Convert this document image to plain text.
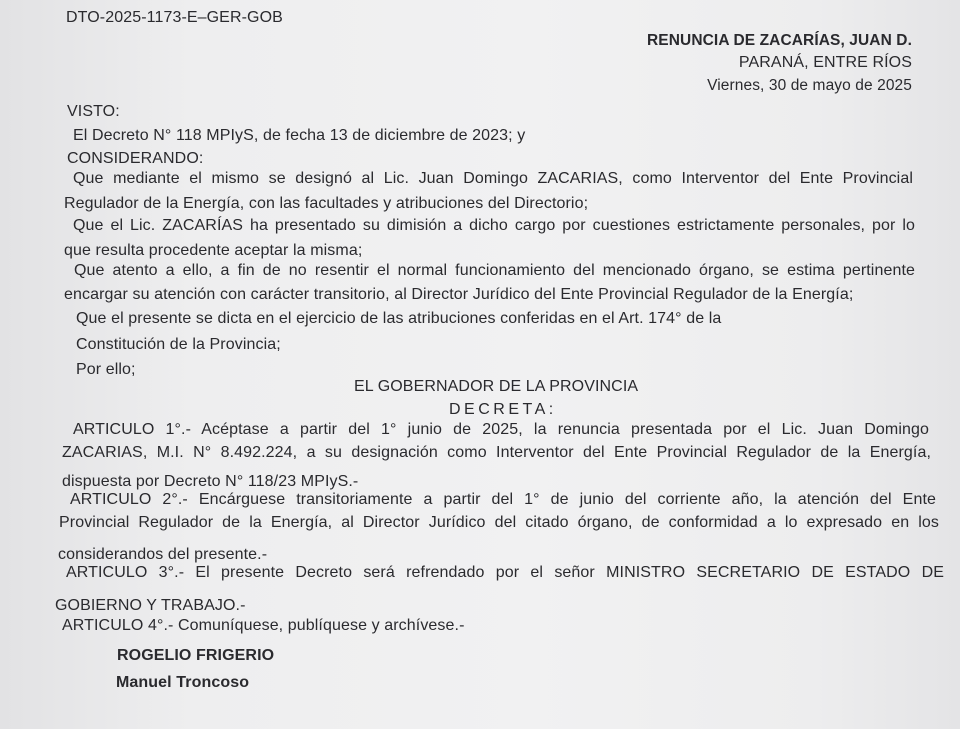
DTO-2025-1173-E–GER-GOB
RENUNCIA DE ZACARÍAS, JUAN D.
PARANÁ, ENTRE RÍOS
Viernes, 30 de mayo de 2025
VISTO:
El Decreto N° 118 MPIyS, de fecha 13 de diciembre de 2023; y
CONSIDERANDO:
Que mediante el mismo se designó al Lic. Juan Domingo ZACARIAS, como Interventor del Ente Provincial
Regulador de la Energía, con las facultades y atribuciones del Directorio;
Que el Lic. ZACARÍAS ha presentado su dimisión a dicho cargo por cuestiones estrictamente personales, por lo
que resulta procedente aceptar la misma;
Que atento a ello, a fin de no resentir el normal funcionamiento del mencionado órgano, se estima pertinente
encargar su atención con carácter transitorio, al Director Jurídico del Ente Provincial Regulador de la Energía;
Que el presente se dicta en el ejercicio de las atribuciones conferidas en el Art. 174° de la
Constitución de la Provincia;
Por ello;
EL GOBERNADOR DE LA PROVINCIA
DECRETA:
ARTICULO 1°.- Acéptase a partir del 1° junio de 2025, la renuncia presentada por el Lic. Juan Domingo
ZACARIAS, M.I. N° 8.492.224, a su designación como Interventor del Ente Provincial Regulador de la Energía,
dispuesta por Decreto N° 118/23 MPIyS.-
ARTICULO 2°.- Encárguese transitoriamente a partir del 1° de junio del corriente año, la atención del Ente
Provincial Regulador de la Energía, al Director Jurídico del citado órgano, de conformidad a lo expresado en los
considerandos del presente.-
ARTICULO 3°.- El presente Decreto será refrendado por el señor MINISTRO SECRETARIO DE ESTADO DE
GOBIERNO Y TRABAJO.-
ARTICULO 4°.- Comuníquese, publíquese y archívese.-
ROGELIO FRIGERIO
Manuel Troncoso
